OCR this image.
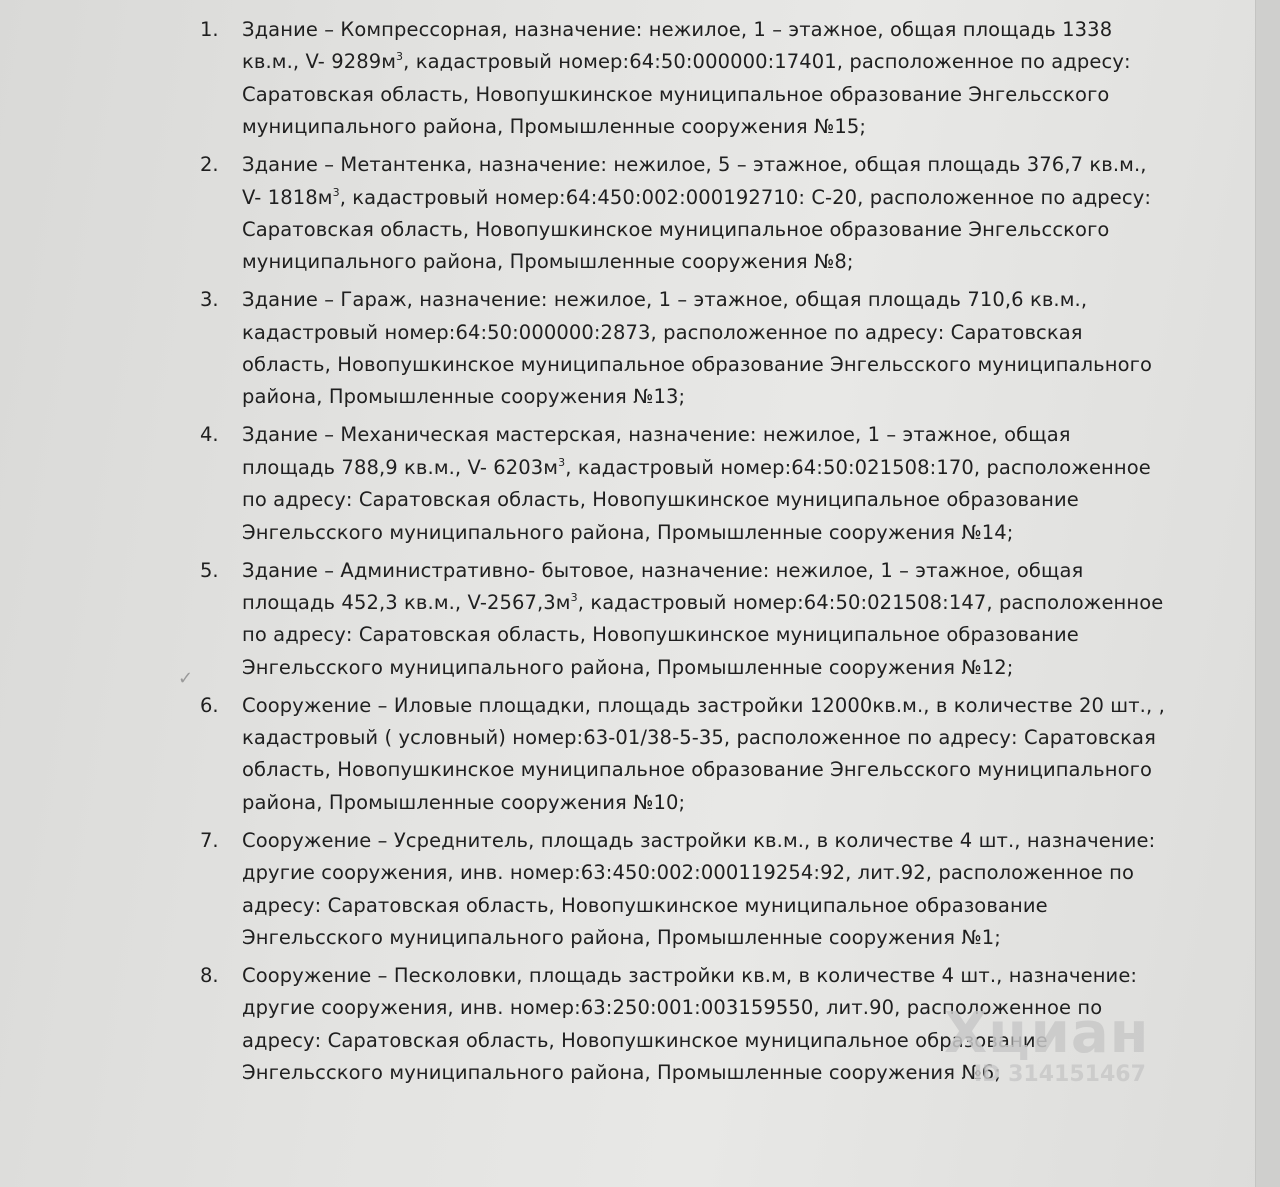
✓
1. Здание – Компрессорная, назначение: нежилое, 1 – этажное, общая площадь 1338
кв.м., V- $9289м^3$, кадастровый номер:64:50:000000:17401, расположенное по адресу:
Саратовская область, Новопушкинское муниципальное образование Энгельсского
муниципального района, Промышленные сооружения №15;
2. Здание – Метантенка, назначение: нежилое, 5 – этажное, общая площадь 376,7 кв.м.,
V- $1818м^3$, кадастровый номер:64:450:002:000192710: С-20, расположенное по адресу:
Саратовская область, Новопушкинское муниципальное образование Энгельсского
муниципального района, Промышленные сооружения №8;
3. Здание – Гараж, назначение: нежилое, 1 – этажное, общая площадь 710,6 кв.м.,
кадастровый номер:64:50:000000:2873, расположенное по адресу: Саратовская
область, Новопушкинское муниципальное образование Энгельсского муниципального
района, Промышленные сооружения №13;
4. Здание – Механическая мастерская, назначение: нежилое, 1 – этажное, общая
площадь 788,9 кв.м., V- $6203м^3$, кадастровый номер:64:50:021508:170, расположенное
по адресу: Саратовская область, Новопушкинское муниципальное образование
Энгельсского муниципального района, Промышленные сооружения №14;
5. Здание – Административно- бытовое, назначение: нежилое, 1 – этажное, общая
площадь 452,3 кв.м., $V-2567,3м^3$, кадастровый номер:64:50:021508:147, расположенное
по адресу: Саратовская область, Новопушкинское муниципальное образование
Энгельсского муниципального района, Промышленные сооружения №12;
6. Сооружение – Иловые площадки, площадь застройки 12000кв.м., в количестве 20 шт., ,
кадастровый ( условный) номер:63-01/38-5-35, расположенное по адресу: Саратовская
область, Новопушкинское муниципальное образование Энгельсского муниципального
района, Промышленные сооружения №10;
7. Сооружение – Усреднитель, площадь застройки кв.м., в количестве 4 шт., назначение:
другие сооружения, инв. номер:63:450:002:000119254:92, лит.92, расположенное по
адресу: Саратовская область, Новопушкинское муниципальное образование
Энгельсского муниципального района, Промышленные сооружения №1;
8. Сооружение – Песколовки, площадь застройки кв.м, в количестве 4 шт., назначение:
другие сооружения, инв. номер:63:250:001:003159550, лит.90, расположенное по
адресу: Саратовская область, Новопушкинское муниципальное образование
Энгельсского муниципального района, Промышленные сооружения №6;
Хциан
ID 314151467
